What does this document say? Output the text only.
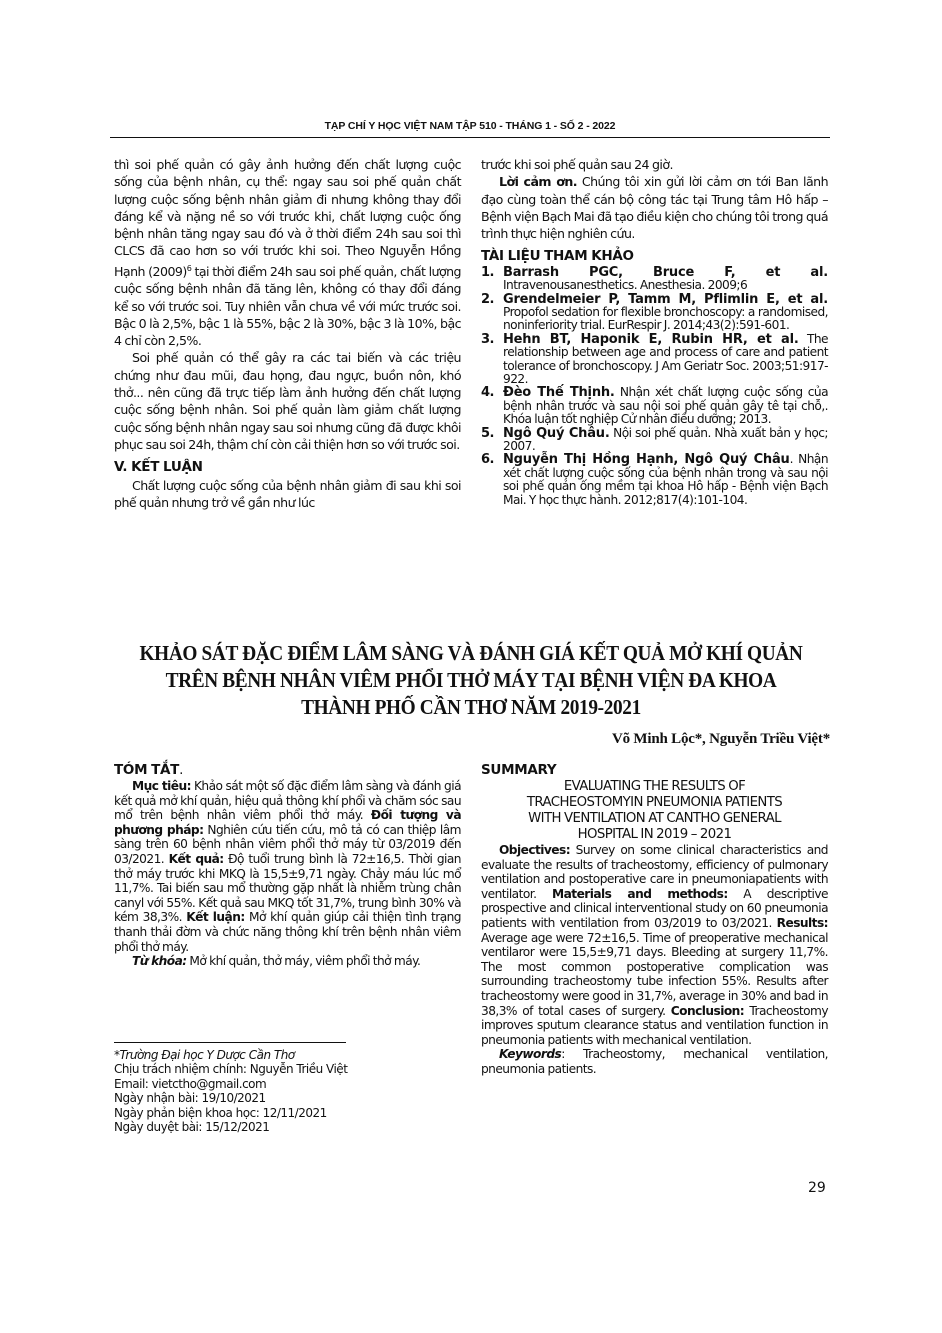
TẠP CHÍ Y HỌC VIỆT NAM TẬP 510 - THÁNG 1 - SỐ 2 - 2022

thì soi phế quản có gây ảnh hưởng đến chất lượng cuộc sống của bệnh nhân, cụ thể: ngay sau soi phế quản chất lượng cuộc sống bệnh nhân giảm đi nhưng không thay đổi đáng kể và nặng nề so với trước khi, chất lượng cuộc ống bệnh nhân tăng ngay sau đó và ở thời điểm 24h sau soi thì CLCS đã cao hơn so với trước khi soi. Theo Nguyễn Hồng Hạnh $(2009)^6$ tại thời điểm 24h sau soi phế quản, chất lượng cuộc sống bệnh nhân đã tăng lên, không có thay đổi đáng kể so với trước soi. Tuy nhiên vẫn chưa về với mức trước soi. Bậc 0 là 2,5%, bậc 1 là 55%, bậc 2 là 30%, bậc 3 là 10%, bậc 4 chỉ còn 2,5%.

Soi phế quản có thể gây ra các tai biến và các triệu chứng như đau mũi, đau họng, đau ngực, buồn nôn, khó thở... nên cũng đã trực tiếp làm ảnh hưởng đến chất lượng cuộc sống bệnh nhân. Soi phế quản làm giảm chất lượng cuộc sống bệnh nhân ngay sau soi nhưng cũng đã được khôi phục sau soi 24h, thậm chí còn cải thiện hơn so với trước soi.

V. KẾT LUẬN

Chất lượng cuộc sống của bệnh nhân giảm đi sau khi soi phế quản nhưng trở về gần như lúc

trước khi soi phế quản sau 24 giờ.

Lời cảm ơn. Chúng tôi xin gửi lời cảm ơn tới Ban lãnh đạo cùng toàn thể cán bộ công tác tại Trung tâm Hô hấp – Bệnh viện Bạch Mai đã tạo điều kiện cho chúng tôi trong quá trình thực hiện nghiên cứu.

TÀI LIỆU THAM KHẢO

1. Barrash PGC, Bruce F, et al. Intravenousanesthetics. Anesthesia. 2009;6
2. Grendelmeier P, Tamm M, Pflimlin E, et al. Propofol sedation for flexible bronchoscopy: a randomised, noninferiority trial. EurRespir J. 2014;43(2):591-601.
3. Hehn BT, Haponik E, Rubin HR, et al. The relationship between age and process of care and patient tolerance of bronchoscopy. J Am Geriatr Soc. 2003;51:917-922.
4. Đèo Thế Thịnh. Nhận xét chất lượng cuộc sống của bệnh nhân trước và sau nội soi phế quản gây tê tại chỗ,. Khóa luận tốt nghiệp Cử nhân điều dưỡng; 2013.
5. Ngô Quý Châu. Nội soi phế quản. Nhà xuất bản y học; 2007.
6. Nguyễn Thị Hồng Hạnh, Ngô Quý Châu. Nhận xét chất lượng cuộc sống của bệnh nhân trong và sau nội soi phế quản ống mềm tại khoa Hô hấp - Bệnh viện Bạch Mai. Y học thực hành. 2012;817(4):101-104.
KHẢO SÁT ĐẶC ĐIỂM LÂM SÀNG VÀ ĐÁNH GIÁ KẾT QUẢ MỞ KHÍ QUẢN
TRÊN BỆNH NHÂN VIÊM PHỔI THỞ MÁY TẠI BỆNH VIỆN ĐA KHOA
THÀNH PHỐ CẦN THƠ NĂM 2019-2021
Võ Minh Lộc*, Nguyễn Triều Việt*

TÓM TẮT.

Mục tiêu: Khảo sát một số đặc điểm lâm sàng và đánh giá kết quả mở khí quản, hiệu quả thông khí phổi và chăm sóc sau mổ trên bệnh nhân viêm phổi thở máy. Đối tượng và phương pháp: Nghiên cứu tiến cứu, mô tả có can thiệp lâm sàng trên 60 bệnh nhân viêm phổi thở máy từ 03/2019 đến 03/2021. Kết quả: Độ tuổi trung bình là 72±16,5. Thời gian thở máy trước khi MKQ là 15,5±9,71 ngày. Chảy máu lúc mổ 11,7%. Tai biến sau mổ thường gặp nhất là nhiễm trùng chân canyl với 55%. Kết quả sau MKQ tốt 31,7%, trung bình 30% và kém 38,3%. Kết luận: Mở khí quản giúp cải thiện tình trạng thanh thải đờm và chức năng thông khí trên bệnh nhân viêm phổi thở máy.

Từ khóa: Mở khí quản, thở máy, viêm phổi thở máy.

*Trường Đại học Y Dược Cần Thơ
Chịu trách nhiệm chính: Nguyễn Triều Việt
Email: vietctho@gmail.com
Ngày nhận bài: 19/10/2021
Ngày phản biện khoa học: 12/11/2021
Ngày duyệt bài: 15/12/2021

SUMMARY

EVALUATING THE RESULTS OF
TRACHEOSTOMYIN PNEUMONIA PATIENTS
WITH VENTILATION AT CANTHO GENERAL
HOSPITAL IN 2019 – 2021

Objectives: Survey on some clinical characteristics and evaluate the results of tracheostomy, efficiency of pulmonary ventilation and postoperative care in pneumoniapatients with ventilator. Materials and methods: A descriptive prospective and clinical interventional study on 60 pneumonia patients with ventilation from 03/2019 to 03/2021. Results: Average age were 72±16,5. Time of preoperative mechanical ventilaror were 15,5±9,71 days. Bleeding at surgery 11,7%. The most common postoperative complication was surrounding tracheostomy tube infection 55%. Results after tracheostomy were good in 31,7%, average in 30% and bad in 38,3% of total cases of surgery. Conclusion: Tracheostomy improves sputum clearance status and ventilation function in pneumonia patients with mechanical ventilation.

Keywords: Tracheostomy, mechanical ventilation, pneumonia patients.

29
